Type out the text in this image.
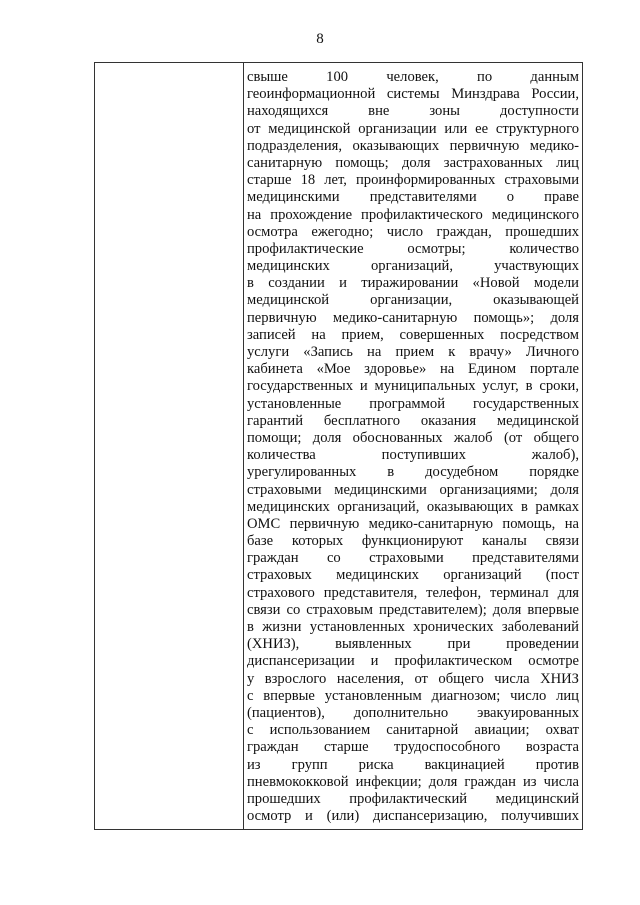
8
свыше 100 человек, по данным
геоинформационной системы Минздрава России,
находящихся вне зоны доступности
от медицинской организации или ее структурного
подразделения, оказывающих первичную медико-
санитарную помощь; доля застрахованных лиц
старше 18 лет, проинформированных страховыми
медицинскими представителями о праве
на прохождение профилактического медицинского
осмотра ежегодно; число граждан, прошедших
профилактические осмотры; количество
медицинских организаций, участвующих
в создании и тиражировании «Новой модели
медицинской организации, оказывающей
первичную медико-санитарную помощь»; доля
записей на прием, совершенных посредством
услуги «Запись на прием к врачу» Личного
кабинета «Мое здоровье» на Едином портале
государственных и муниципальных услуг, в сроки,
установленные программой государственных
гарантий бесплатного оказания медицинской
помощи; доля обоснованных жалоб (от общего
количества поступивших жалоб),
урегулированных в досудебном порядке
страховыми медицинскими организациями; доля
медицинских организаций, оказывающих в рамках
ОМС первичную медико-санитарную помощь, на
базе которых функционируют каналы связи
граждан со страховыми представителями
страховых медицинских организаций (пост
страхового представителя, телефон, терминал для
связи со страховым представителем); доля впервые
в жизни установленных хронических заболеваний
(ХНИЗ), выявленных при проведении
диспансеризации и профилактическом осмотре
у взрослого населения, от общего числа ХНИЗ
с впервые установленным диагнозом; число лиц
(пациентов), дополнительно эвакуированных
с использованием санитарной авиации; охват
граждан старше трудоспособного возраста
из групп риска вакцинацией против
пневмококковой инфекции; доля граждан из числа
прошедших профилактический медицинский
осмотр и (или) диспансеризацию, получивших
